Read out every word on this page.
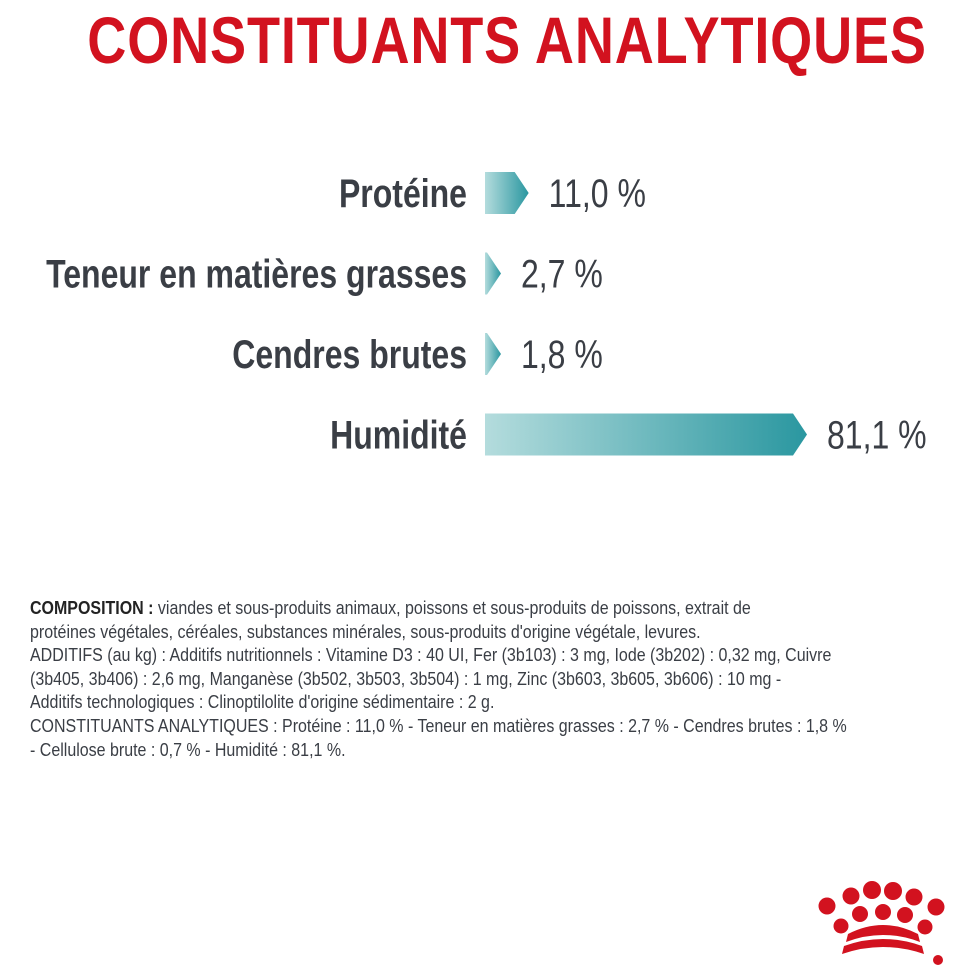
CONSTITUANTS ANALYTIQUES
Protéine 11,0 %
Teneur en matières grasses 2,7 %
Cendres brutes 1,8 %
Humidité	81,1 %
COMPOSITION : viandes et sous-produits animaux, poissons et sous-produits de poissons, extrait de
protéines végétales, céréales, substances minérales, sous-produits d'origine végétale, levures.
ADDITIFS (au kg) : Additifs nutritionnels : Vitamine D3 : 40 UI, Fer (3b103) : 3 mg, Iode (3b202) : 0,32 mg, Cuivre
(3b405, 3b406) : 2,6 mg, Manganèse (3b502, 3b503, 3b504) : 1 mg, Zinc (3b603, 3b605, 3b606) : 10 mg -
Additifs technologiques : Clinoptilolite d'origine sédimentaire : 2 g.
CONSTITUANTS ANALYTIQUES : Protéine : 11,0 % - Teneur en matières grasses : 2,7 % - Cendres brutes : 1,8 %
- Cellulose brute : 0,7 % - Humidité : 81,1 %.
